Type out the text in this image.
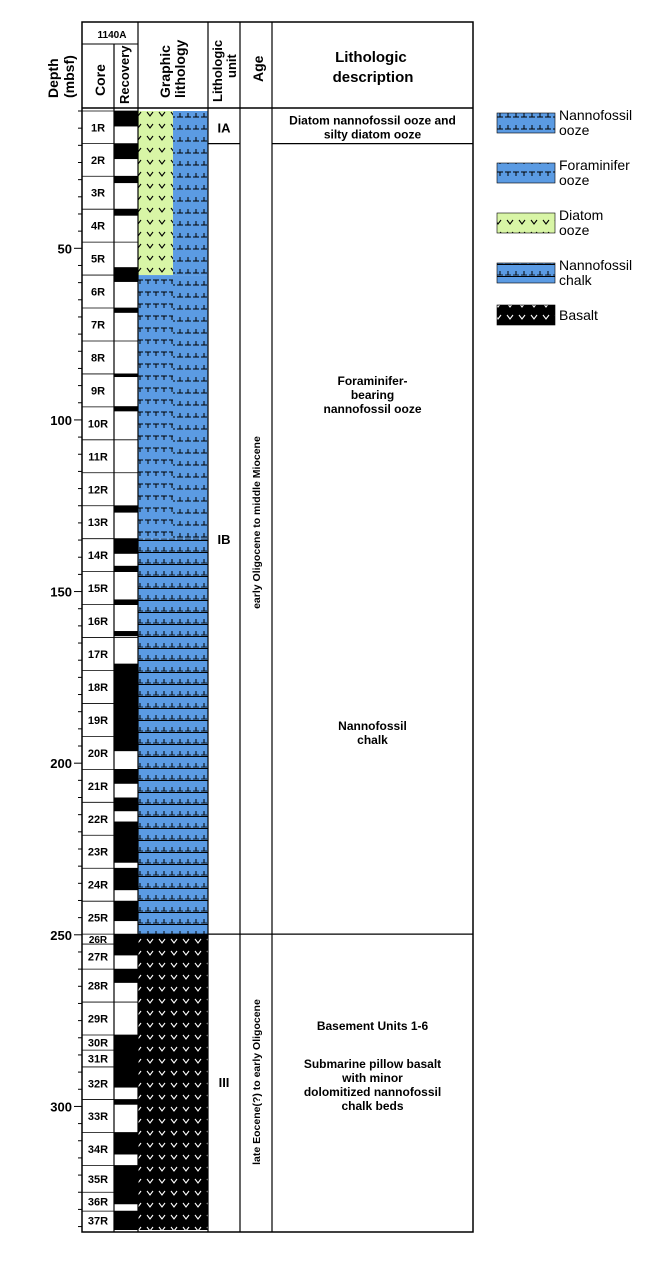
Depth (mbsf)
1140A
Core Recovery Graphic lithology Lithologic unit Age	Lithologic description
50
100
150
200
250
300
1R
2R
3R
4R
5R
6R
7R
8R
9R
10R
11R
12R
13R
14R
15R
16R
17R
18R
19R
20R
21R
22R
23R
24R
25R
26R
27R
28R
29R
30R
31R
32R
33R
34R
35R
36R
37R
IA
IB
III
early Oligocene to middle Miocene
late Eocene(?) to early Oligocene
Diatom nannofossil ooze and silty diatom ooze
Foraminifer-bearing nannofossil ooze
Nannofossil chalk
Basement Units 1-6
Submarine pillow basalt with minor dolomitized nannofossil chalk beds
Nannofossil ooze
Foraminifer ooze
Diatom ooze
Nannofossil chalk
Basalt
